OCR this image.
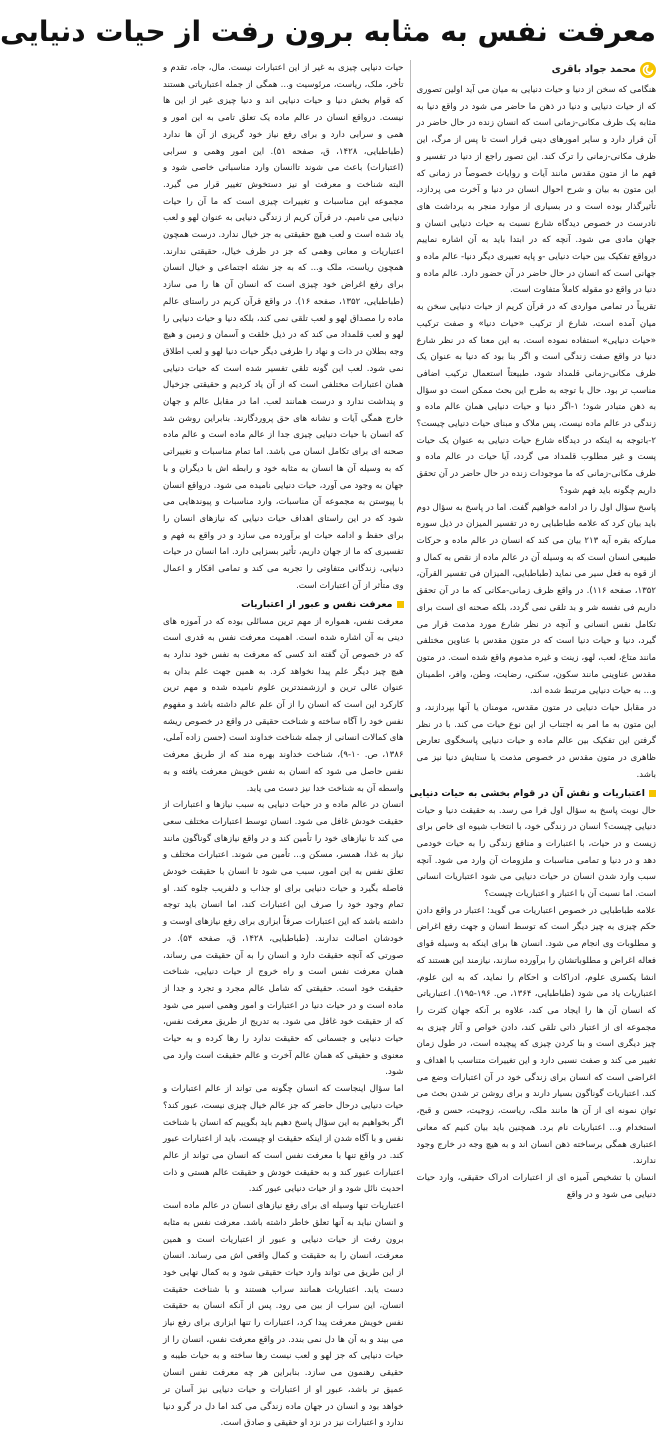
معرفت نفس به مثابه برون رفت از حیات دنیایی
محمد جواد باقری

هنگامی که سخن از دنیا و حیات دنیایی به میان می آید اولین تصوری که از حیات دنیایی و دنیا در ذهن ما حاضر می شود در واقع دنیا به مثابه یک ظرف مکانی-زمانی است که انسان زنده در حال حاضر در آن قرار دارد و سایر امورهای دینی قرار است تا پس از مرگ، این ظرف مکانی-زمانی را ترک کند. این تصور راجع از دنیا در تفسیر و فهم ما از متون مقدس مانند آیات و روایات خصوصاً در زمانی که این متون به بیان و شرح احوال انسان در دنیا و آخرت می پردازد، تأثیرگذار بوده است و در بسیاری از موارد منجر به برداشت های نادرست در خصوص دیدگاه شارع نسبت به حیات دنیایی انسان و جهان مادی می شود. آنچه که در ابتدا باید به آن اشاره نماییم درواقع تفکیک بین حیات دنیایی -و پایه تعبیری دیگر دنیا- عالم ماده و جهانی است که انسان در حال حاضر در آن حضور دارد. عالم ماده و دنیا در واقع دو مقوله کاملاً متفاوت است.

تقریباً در تمامی مواردی که در قرآن کریم از حیات دنیایی سخن به میان آمده است، شارع از ترکیب «حیات دنیا» و صفت ترکیب «حیات دنیایی» استفاده نموده است. به این معنا که در نظر شارع دنیا در واقع صفت زندگی است و اگر بنا بود که دنیا به عنوان یک ظرف مکانی-زمانی قلمداد شود، طبیعتاً استعمال ترکیب اضافی مناسب تر بود. حال با توجه به طرح این بحث ممکن است دو سؤال به ذهن متبادر شود؛ ۱-اگر دنیا و حیات دنیایی همان عالم ماده و زندگی در عالم ماده نیست، پس ملاک و مبنای حیات دنیایی چیست؟ ۲-باتوجه به اینکه در دیدگاه شارع حیات دنیایی به عنوان یک حیات پست و غیر مطلوب قلمداد می گردد، آیا حیات در عالم ماده و ظرف مکانی-زمانی که ما موجودات زنده در حال حاضر در آن تحقق داریم چگونه باید فهم شود؟

پاسخ سؤال اول را در ادامه خواهیم گفت. اما در پاسخ به سؤال دوم باید بیان کرد که علامه طباطبایی ره در تفسیر المیزان در ذیل سوره مبارکه بقره آیه ۲۱۳ بیان می کند که انسان در عالم ماده و حرکات طبیعی انسان است که به وسیله آن در عالم ماده از نقص به کمال و از قوه به فعل سیر می نماید (طباطبایی، المیزان فی تفسیر القرآن، ۱۳۵۲، صفحه ۱۱۶). در واقع ظرف زمانی-مکانی که ما در آن تحقق داریم فی نفسه شر و بد تلقی نمی گردد، بلکه صحنه ای است برای تکامل نفس انسانی و آنچه در نظر شارع مورد مذمت قرار می گیرد، دنیا و حیات دنیا است که در متون مقدس با عناوین مختلفی مانند متاع، لعب، لهو، زینت و غیره مذموم واقع شده است. در متون مقدس عناوینی مانند سکون، سکنی، رضایت، وطن، وافر، اطمینان و... به حیات دنیایی مرتبط شده اند.

در مقابل حیات دنیایی در متون مقدس، مومنان یا آنها بپردازند، و این متون به ما امر به اجتناب از این نوع حیات می کند. با در نظر گرفتن این تفکیک بین عالم ماده و حیات دنیایی پاسخگوی تعارض ظاهری در متون مقدس در خصوص مذمت یا ستایش دنیا نیز می باشد.

اعتباریات و نقش آن در قوام بخشی به حیات دنیایی

حال نوبت پاسخ به سؤال اول فرا می رسد. به حقیقت دنیا و حیات دنیایی چیست؟ انسان در زندگی خود، با انتخاب شیوه ای خاص برای زیست و در حیات، با اعتبارات و منافع زندگی را به حیات خودمی دهد و در دنیا و تمامی مناسبات و ملزومات آن وارد می شود. آنچه سبب وارد شدن انسان در حیات دنیایی می شود اعتباریات انسانی است. اما نسبت آن با اعتبار و اعتباریات چیست؟

علامه طباطبایی در خصوص اعتباریات می گوید: اعتبار در واقع دادن حکم چیزی به چیز دیگر است که توسط انسان و جهت رفع اغراض و مطلوبات وی انجام می شود. انسان ها برای اینکه به وسیله قوای فعاله اغراض و مطلوباتشان را برآورده سازند، نیازمند این هستند که انشا یکسری علوم، ادراکات و احکام را نماید، که به این علوم، اعتباریات یاد می شود (طباطبایی، ۱۳۶۴، ص. ۱۹۶-۱۹۵). اعتباریاتی که انسان آن ها را ایجاد می کند، علاوه بر آنکه جهان کثرت را مجموعه ای از اعتبار ذاتی تلقی کند، دادن خواص و آثار چیزی به چیز دیگری است و بنا کردن چیزی که پیچیده است، در طول زمان تغییر می کند و صفت نسبی دارد و این تغییرات متناسب با اهداف و اغراضی است که انسان برای زندگی خود در آن اعتبارات وضع می کند. اعتباریات گوناگون بسیار دارند و برای روشن تر شدن بحث می توان نمونه ای از آن ها مانند ملک، ریاست، زوجیت، حسن و قبح، استخدام و... اعتباریات نام برد. همچنین باید بیان کنیم که معانی اعتباری همگی برساخته ذهن انسان اند و به هیچ وجه در خارج وجود ندارند.

انسان با تشخیص آمیزه ای از اعتبارات ادراک حقیقی، وارد حیات دنیایی می شود و در واقع

حیات دنیایی چیزی به غیر از این اعتبارات نیست. مال، جاه، تقدم و تأخر، ملک، ریاست، مرئوسیت و... همگی از جمله اعتباریاتی هستند که قوام بخش دنیا و حیات دنیایی اند و دنیا چیزی غیر از این ها نیست. درواقع انسان در عالم ماده یک تعلق تامی به این امور و همی و سرابی دارد و برای رفع نیاز خود گریزی از آن ها ندارد (طباطبایی، ۱۴۲۸، ق، صفحه ۵۱). این امور وهمی و سرابی (اعتبارات) باعث می شوند تاانسان وارد مناسباتی خاصی شود و البته شناخت و معرفت او نیز دستخوش تغییر قرار می گیرد. مجموعه این مناسبات و تغییرات چیزی است که ما آن را حیات دنیایی می نامیم. در قرآن کریم از زندگی دنیایی به عنوان لهو و لعب یاد شده است و لعب هیچ حقیقتی به جز خیال ندارد. درست همچون اعتباریات و معانی وهمی که جز در ظرف خیال، حقیقتی ندارند. همچون ریاست، ملک و... که به جز نشئه اجتماعی و خیال انسان برای رفع اغراض خود چیزی است که انسان آن ها را می سازد (طباطبایی، ۱۳۵۲، صفحه ۱۶). در واقع قرآن کریم در راستای عالم ماده را مصداق لهو و لعب تلقی نمی کند، بلکه دنیا و حیات دنیایی را لهو و لعب قلمداد می کند که در ذیل خلقت و آسمان و زمین و هیچ وجه بطلان در ذات و نهاد را ظرفی دیگر حیات دنیا لهو و لعب اطلاق نمی شود. لعب این گونه تلقی تفسیر شده است که حیات دنیایی همان اعتبارات مختلفی است که از آن یاد کردیم و حقیقتی جزخیال و پنداشت ندارد و درست همانند لعب. اما در مقابل عالم و جهان خارج همگی آیات و نشانه های حق پروردگارند. بنابراین روشن شد که انسان با حیات دنیایی چیزی جدا از عالم ماده است و عالم ماده صحنه ای برای تکامل انسان می باشد. اما تمام مناسبات و تغییراتی که به وسیله آن ها انسان به مثابه خود و رابطه اش با دیگران و با جهان به وجود می آورد، حیات دنیایی نامیده می شود. درواقع انسان با پیوستن به مجموعه آن مناسبات، وارد مناسبات و پیوندهایی می شود که در این راستای اهداف حیات دنیایی که نیازهای انسان را برای حفظ و ادامه حیات او برآورده می سازد و در واقع به فهم و تفسیری که ما از جهان داریم، تأثیر بسزایی دارد. اما انسان در حیات دنیایی، زندگانی متفاوتی را تجربه می کند و تمامی افکار و اعمال وی متأثر از آن اعتبارات است.

معرفت نفس و عبور از اعتباریات

معرفت نفس، همواره از مهم ترین مسائلی بوده که در آموزه های دینی به آن اشاره شده است. اهمیت معرفت نفس به قدری است که در خصوص آن گفته اند کسی که معرفت به نفس خود ندارد به هیچ چیز دیگر علم پیدا نخواهد کرد. به همین جهت علم بدان به عنوان عالی ترین و ارزشمندترین علوم نامیده شده و مهم ترین کارکرد این است که انسان را از آن علم عالم داشته باشد و مفهوم نفس خود را آگاه ساخته و شناخت حقیقی در واقع در خصوص ریشه های کمالات انسانی از جمله شناخت خداوند است (حسن زاده آملی، ۱۳۸۶، ص. ۱۰-۹)، شناخت خداوند بهره مند که از طریق معرفت نفس حاصل می شود که انسان به نفس خویش معرفت یافته و به واسطه آن به شناخت خدا نیز دست می یابد.

انسان در عالم ماده و در حیات دنیایی به سبب نیازها و اعتبارات از حقیقت خودش غافل می شود. انسان توسط اعتبارات مختلف سعی می کند تا نیازهای خود را تأمین کند و در واقع نیازهای گوناگون مانند نیاز به غذا، همسر، مسکن و... تأمین می شوند. اعتبارات مختلف و تعلق نفس به این امور، سبب می شود تا انسان با حقیقت خودش فاصله بگیرد و حیات دنیایی برای او جذاب و دلفریب جلوه کند. او تمام وجود خود را صرف این اعتبارات کند، اما انسان باید توجه داشته باشد که این اعتبارات صرفاً ابزاری برای رفع نیازهای اوست و خودشان اصالت ندارند. (طباطبایی، ۱۴۲۸، ق، صفحه ۵۴). در صورتی که آنچه حقیقت دارد و انسان را به آن حقیقت می رساند، همان معرفت نفس است و راه خروج از حیات دنیایی، شناخت حقیقت خود است. حقیقتی که شامل عالم مجرد و تجرد و جدا از ماده است و در حیات دنیا در اعتبارات و امور وهمی اسیر می شود که از حقیقت خود غافل می شود. به تدریج از طریق معرفت نفس، حیات دنیایی و جسمانی که حقیقت ندارد را رها کرده و به حیات معنوی و حقیقی که همان عالم آخرت و عالم حقیقت است وارد می شود.

اما سؤال اینجاست که انسان چگونه می تواند از عالم اعتبارات و حیات دنیایی درحال حاضر که جز عالم خیال چیزی نیست، عبور کند؟ اگر بخواهیم به این سؤال پاسخ دهیم باید بگوییم که انسان با شناخت نفس و با آگاه شدن از اینکه حقیقت او چیست، باید از اعتبارات عبور کند. در واقع تنها با معرفت نفس است که انسان می تواند از عالم اعتبارات عبور کند و به حقیقت خودش و حقیقت عالم هستی و ذات احدیت نائل شود و از حیات دنیایی عبور کند.

اعتباریات تنها وسیله ای برای رفع نیازهای انسان در عالم ماده است و انسان نباید به آنها تعلق خاطر داشته باشد. معرفت نفس به مثابه برون رفت از حیات دنیایی و عبور از اعتباریات است و همین معرفت، انسان را به حقیقت و کمال واقعی اش می رساند. انسان از این طریق می تواند وارد حیات حقیقی شود و به کمال نهایی خود دست یابد. اعتباریات همانند سراب هستند و با شناخت حقیقت انسان، این سراب از بین می رود. پس از آنکه انسان به حقیقت نفس خویش معرفت پیدا کرد، اعتبارات را تنها ابزاری برای رفع نیاز می بیند و به آن ها دل نمی بندد. در واقع معرفت نفس، انسان را از حیات دنیایی که جز لهو و لعب نیست رها ساخته و به حیات طیبه و حقیقی رهنمون می سازد. بنابراین هر چه معرفت نفس انسان عمیق تر باشد، عبور او از اعتبارات و حیات دنیایی نیز آسان تر خواهد بود و انسان در جهان ماده زندگی می کند اما دل در گرو دنیا ندارد و اعتبارات نیز در نزد او حقیقی و صادق است.
